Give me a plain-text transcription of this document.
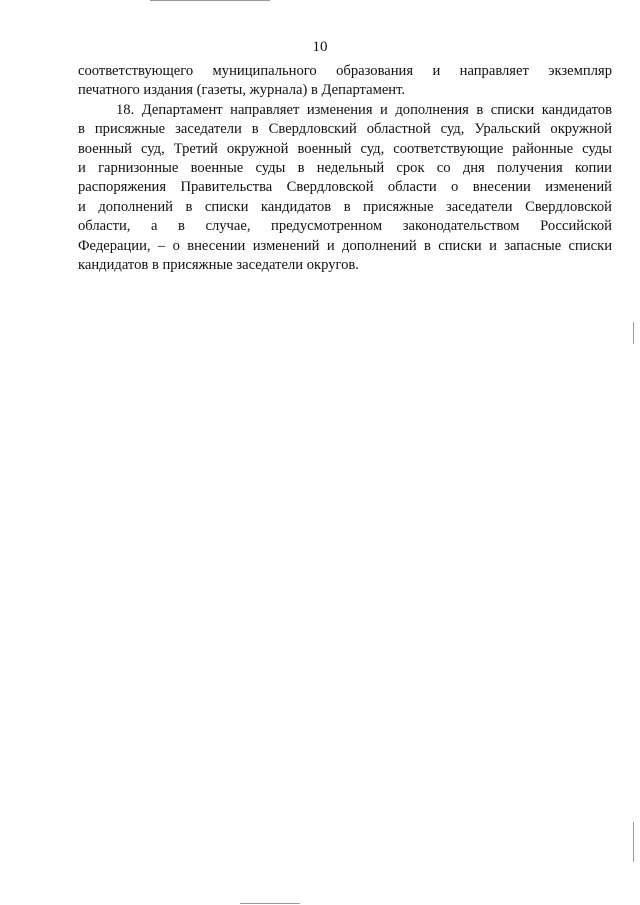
10
соответствующего муниципального образования и направляет экземпляр
печатного издания (газеты, журнала) в Департамент.
18. Департамент направляет изменения и дополнения в списки кандидатов
в присяжные заседатели в Свердловский областной суд, Уральский окружной
военный суд, Третий окружной военный суд, соответствующие районные суды
и гарнизонные военные суды в недельный срок со дня получения копии
распоряжения Правительства Свердловской области о внесении изменений
и дополнений в списки кандидатов в присяжные заседатели Свердловской
области, а в случае, предусмотренном законодательством Российской
Федерации, – о внесении изменений и дополнений в списки и запасные списки
кандидатов в присяжные заседатели округов.
